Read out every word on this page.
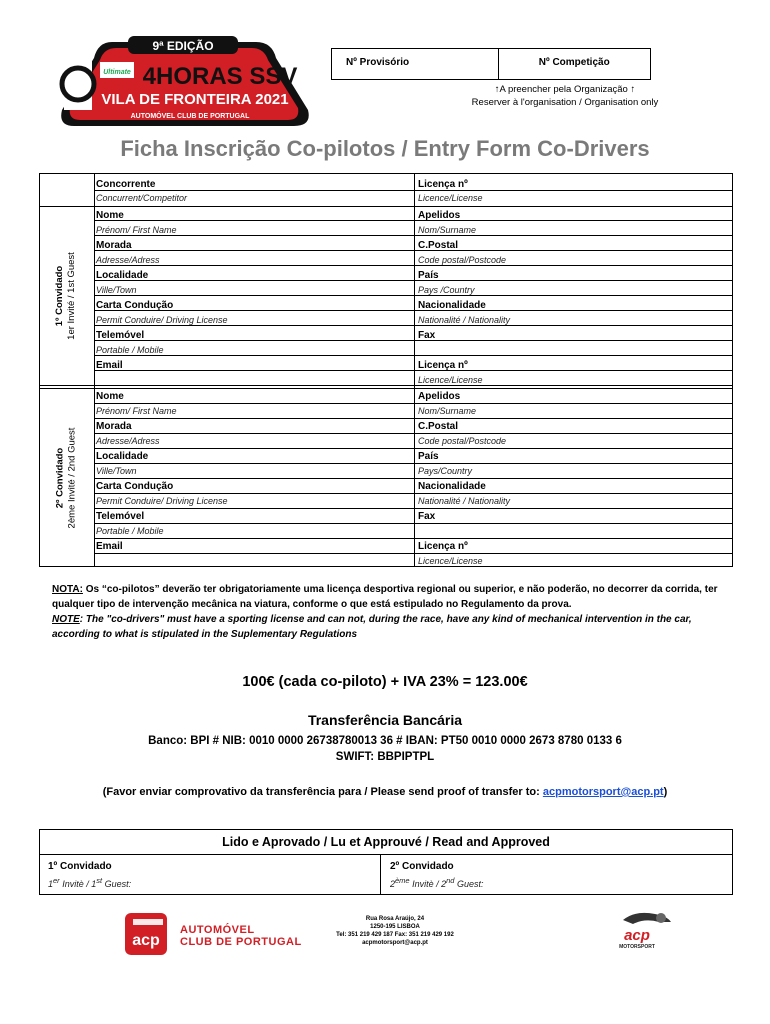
9ª EDIÇÃO
Ultimate 4HORAS SSV
VILA DE FRONTEIRA 2021
AUTOMÓVEL CLUB DE PORTUGAL
Nº Provisório	Nº Competição
↑A preencher pela Organização ↑
Reserver à l'organisation / Organisation only
Ficha Inscrição Co-pilotos / Entry Form Co-Drivers
Concorrente
Concurrent/Competitor
Licença nº
Licence/License
1º Convidado 1er Invité / 1st Guest
2º Convidado 2ème Invité / 2nd Guest
Nome
Prénom/ First Name
Morada
Adresse/Adress
Localidade
Ville/Town
Carta Condução
Permit Conduire/ Driving License
Telemóvel
Portable / Mobile
Email
Apelidos
Nom/Surname
C.Postal
Code postal/Postcode
País
Pays /Country
Nacionalidade
Nationalité / Nationality
Fax
Licença nº
Licence/License
Nome
Prénom/ First Name
Morada
Adresse/Adress
Localidade
Ville/Town
Carta Condução
Permit Conduire/ Driving License
Telemóvel
Portable / Mobile
Email
Apelidos
Nom/Surname
C.Postal
Code postal/Postcode
País
Pays/Country
Nacionalidade
Nationalité / Nationality
Fax
Licença nº
Licence/License
NOTA: Os “co-pilotos” deverão ter obrigatoriamente uma licença desportiva regional ou superior, e não poderão, no decorrer da corrida, ter qualquer tipo de intervenção mecânica na viatura, conforme o que está estipulado no Regulamento da prova.
NOTE: The "co-drivers" must have a sporting license and can not, during the race, have any kind of mechanical intervention in the car, according to what is stipulated in the Suplementary Regulations
100€ (cada co-piloto) + IVA 23% = 123.00€
Transferência Bancária
Banco: BPI # NIB: 0010 0000 26738780013 36 # IBAN: PT50 0010 0000 2673 8780 0133 6
SWIFT: BBPIPTPL
(Favor enviar comprovativo da transferência para / Please send proof of transfer to: acpmotorsport@acp.pt)
Lido e Aprovado / Lu et Approuvé / Read and Approved
1º Convidado
1er Invitè / 1st Guest:
2º Convidado
2ème Invitè / 2nd Guest:
acp
AUTOMÓVEL
CLUB DE PORTUGAL
Rua Rosa Araújo, 24
1250-195 LISBOA
Tel: 351 219 429 187 Fax: 351 219 429 192
acpmotorsport@acp.pt	acp
MOTORSPORT
